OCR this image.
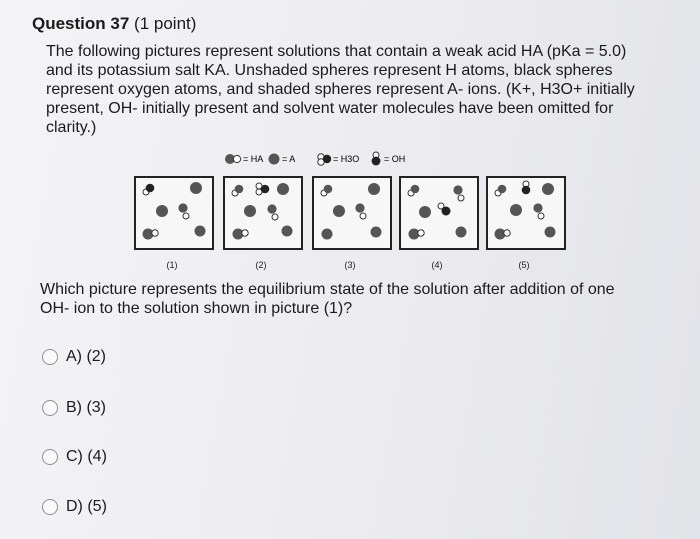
Question 37 (1 point)

The following pictures represent solutions that contain a weak acid HA (pKa = 5.0) and its potassium salt KA. Unshaded spheres represent H atoms, black spheres represent oxygen atoms, and shaded spheres represent A- ions. (K+, H3O+ initially present, OH- initially present and solvent water molecules have been omitted for clarity.)

= HA = A	= H3O	= OH
(1)	(2)	(3)	(4)	(5)

Which picture represents the equilibrium state of the solution after addition of one OH- ion to the solution shown in picture (1)?

A) (2)
B) (3)
C) (4)
D) (5)
